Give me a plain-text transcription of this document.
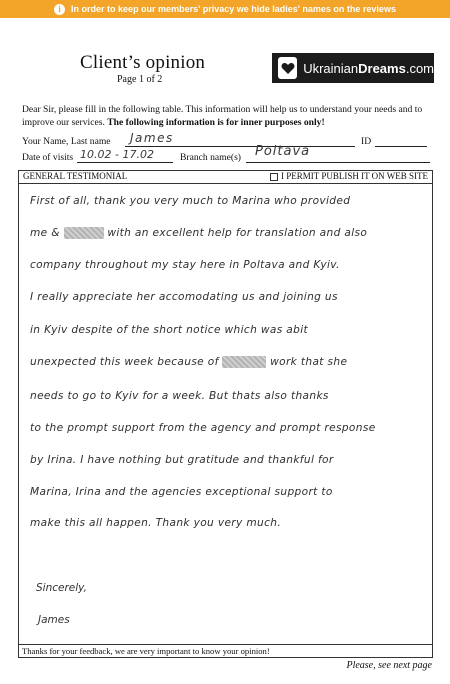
i	In order to keep our members' privacy we hide ladies' names on the reviews
Client’s opinion
Page 1 of 2
UkrainianDreams.com
Dear Sir, please fill in the following table. This information will help us to understand your needs and to improve our services. The following information is for inner purposes only!
Your Name, Last name James	ID
Date of visits 10.02 - 17.02	Branch name(s) Poltava
GENERAL TESTIMONIAL	I PERMIT PUBLISH IT ON WEB SITE
Thanks for your feedback, we are very important to know your opinion!
First of all, thank you very much to Marina who provided
me &	with an excellent help for translation and also
company throughout my stay here in Poltava and Kyiv.
I really appreciate her accomodating us and joining us
in Kyiv despite of the short notice which was abit
unexpected this week because of	work that she
needs to go to Kyiv for a week. But thats also thanks
to the prompt support from the agency and prompt response
by Irina. I have nothing but gratitude and thankful for
Marina, Irina and the agencies exceptional support to
make this all happen. Thank you very much.
Sincerely,
James
Please, see next page
